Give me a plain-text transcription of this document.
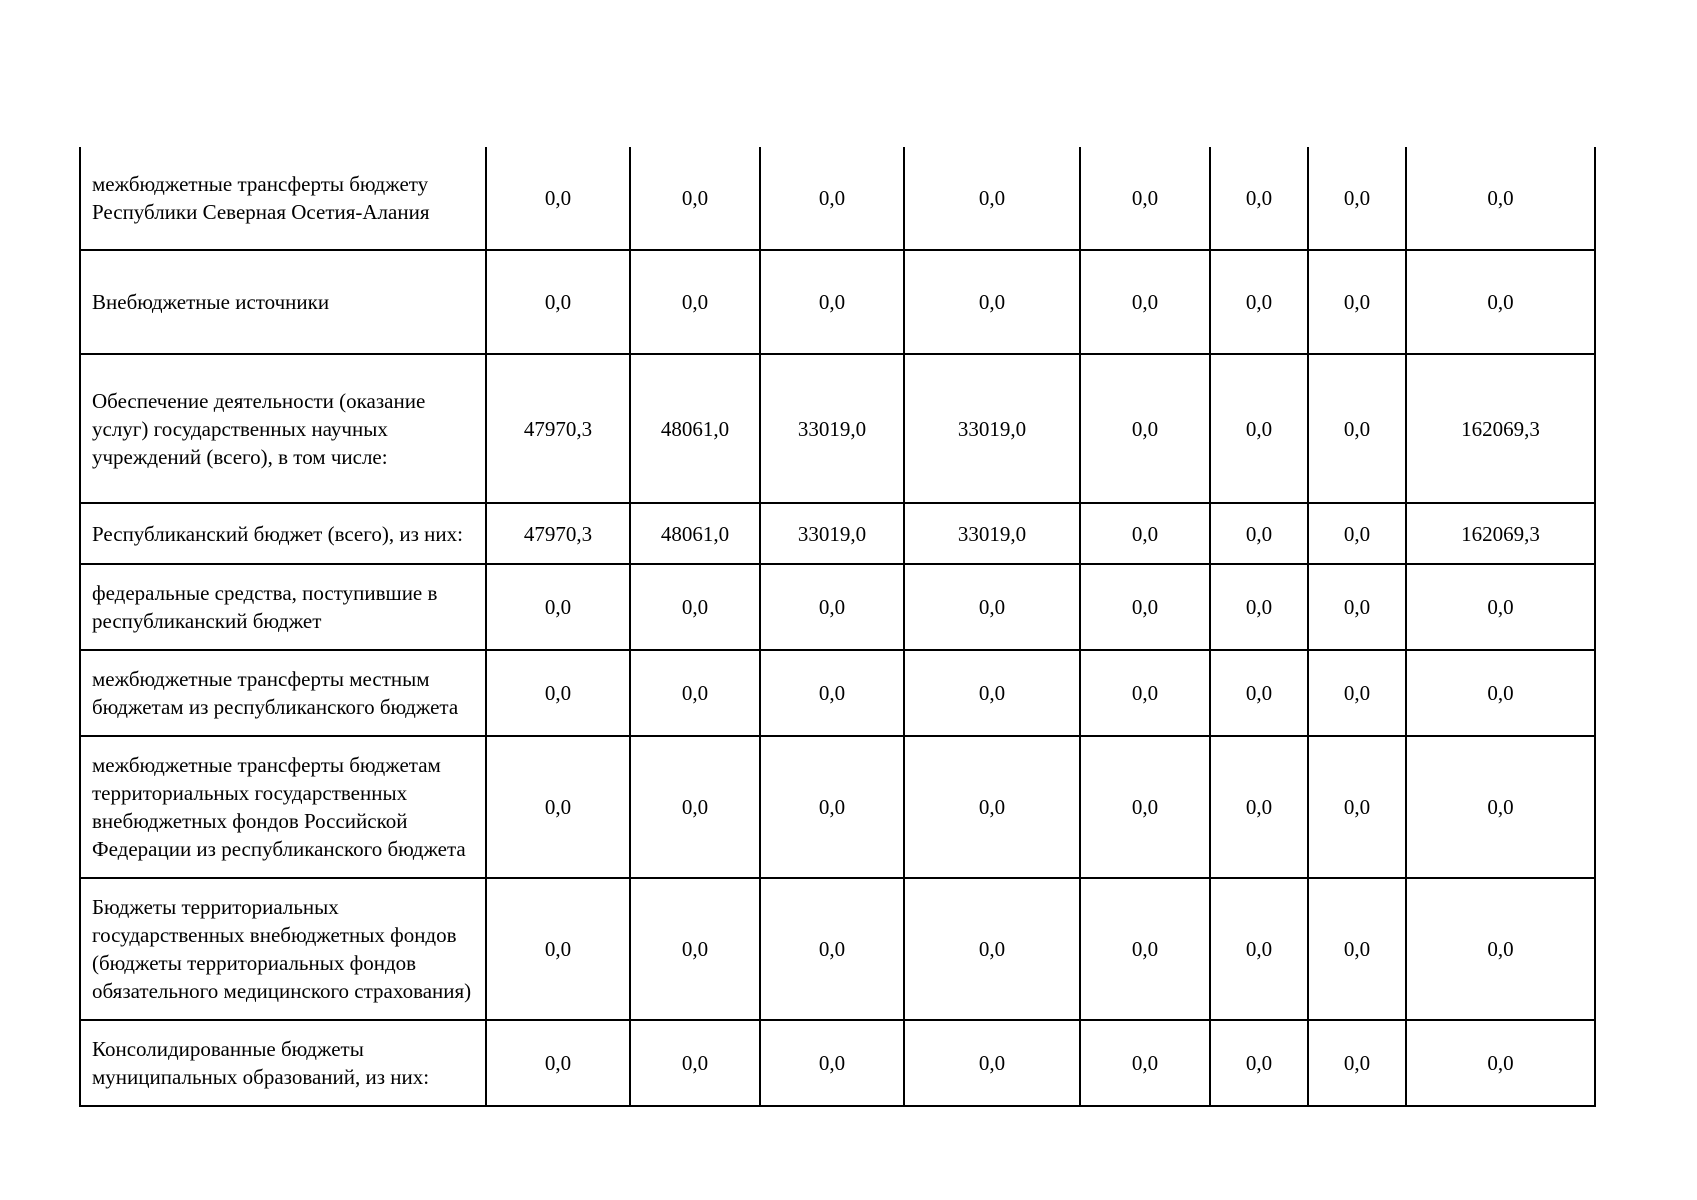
межбюджетные трансферты бюджету Республики Северная Осетия-Алания	0,0	0,0	0,0	0,0	0,0	0,0	0,0	0,0
Внебюджетные источники	0,0	0,0	0,0	0,0	0,0	0,0	0,0	0,0
Обеспечение деятельности (оказание услуг) государственных научных учреждений (всего), в том числе:	47970,3	48061,0	33019,0	33019,0	0,0	0,0	0,0	162069,3
Республиканский бюджет (всего), из них:	47970,3	48061,0	33019,0	33019,0	0,0	0,0	0,0	162069,3
федеральные средства, поступившие в республиканский бюджет	0,0	0,0	0,0	0,0	0,0	0,0	0,0	0,0
межбюджетные трансферты местным бюджетам из республиканского бюджета	0,0	0,0	0,0	0,0	0,0	0,0	0,0	0,0
межбюджетные трансферты бюджетам территориальных государственных внебюджетных фондов Российской Федерации из республиканского бюджета	0,0	0,0	0,0	0,0	0,0	0,0	0,0	0,0
Бюджеты территориальных государственных внебюджетных фондов (бюджеты территориальных фондов обязательного медицинского страхования)	0,0	0,0	0,0	0,0	0,0	0,0	0,0	0,0
Консолидированные бюджеты муниципальных образований, из них:	0,0	0,0	0,0	0,0	0,0	0,0	0,0	0,0
